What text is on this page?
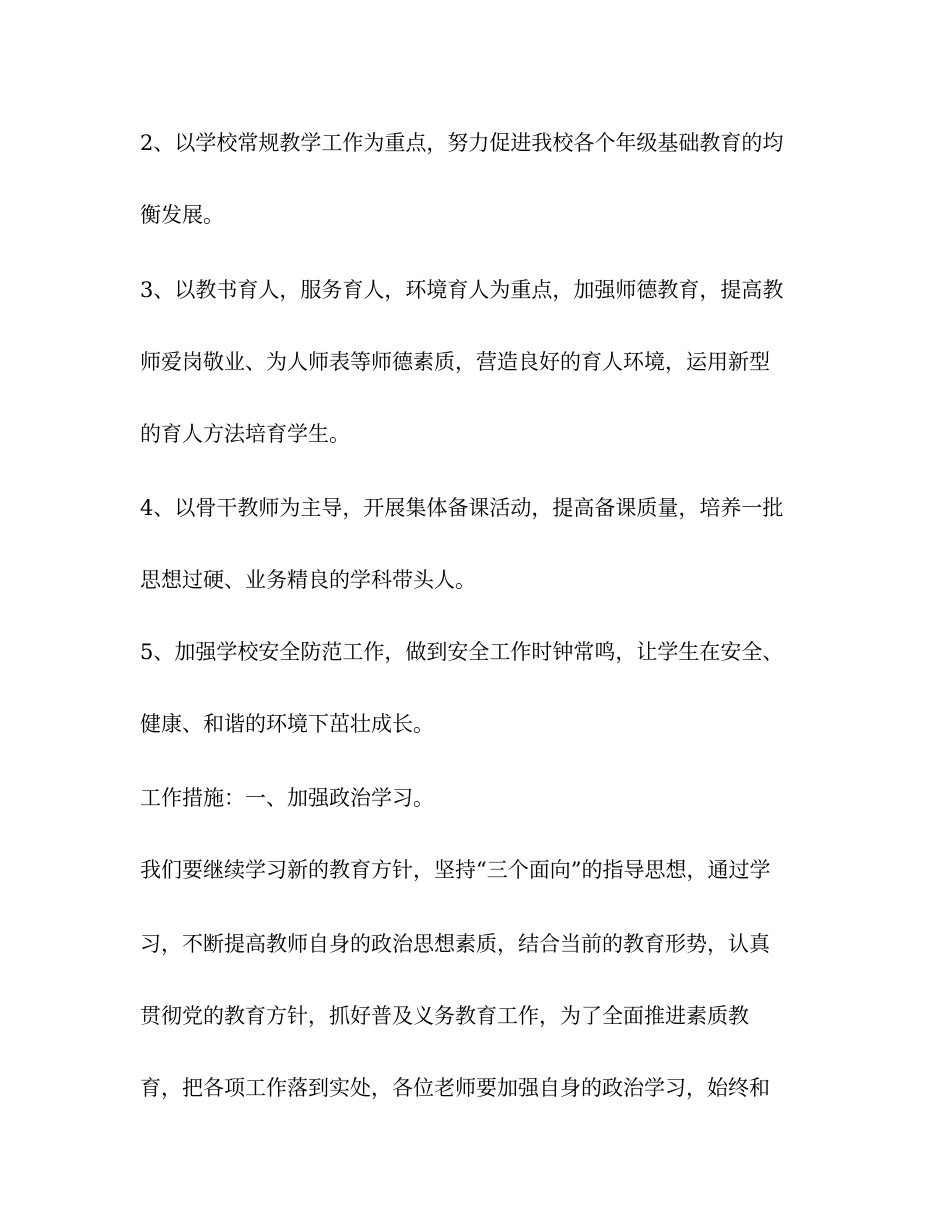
2、以学校常规教学工作为重点，努力促进我校各个年级基础教育的均
衡发展。
3、以教书育人，服务育人，环境育人为重点，加强师德教育，提高教
师爱岗敬业、为人师表等师德素质，营造良好的育人环境，运用新型
的育人方法培育学生。
4、以骨干教师为主导，开展集体备课活动，提高备课质量，培养一批
思想过硬、业务精良的学科带头人。
5、加强学校安全防范工作，做到安全工作时钟常鸣，让学生在安全、
健康、和谐的环境下茁壮成长。
工作措施：一、加强政治学习。
我们要继续学习新的教育方针，坚持“三个面向”的指导思想，通过学
习，不断提高教师自身的政治思想素质，结合当前的教育形势，认真
贯彻党的教育方针，抓好普及义务教育工作，为了全面推进素质教
育，把各项工作落到实处，各位老师要加强自身的政治学习，始终和
